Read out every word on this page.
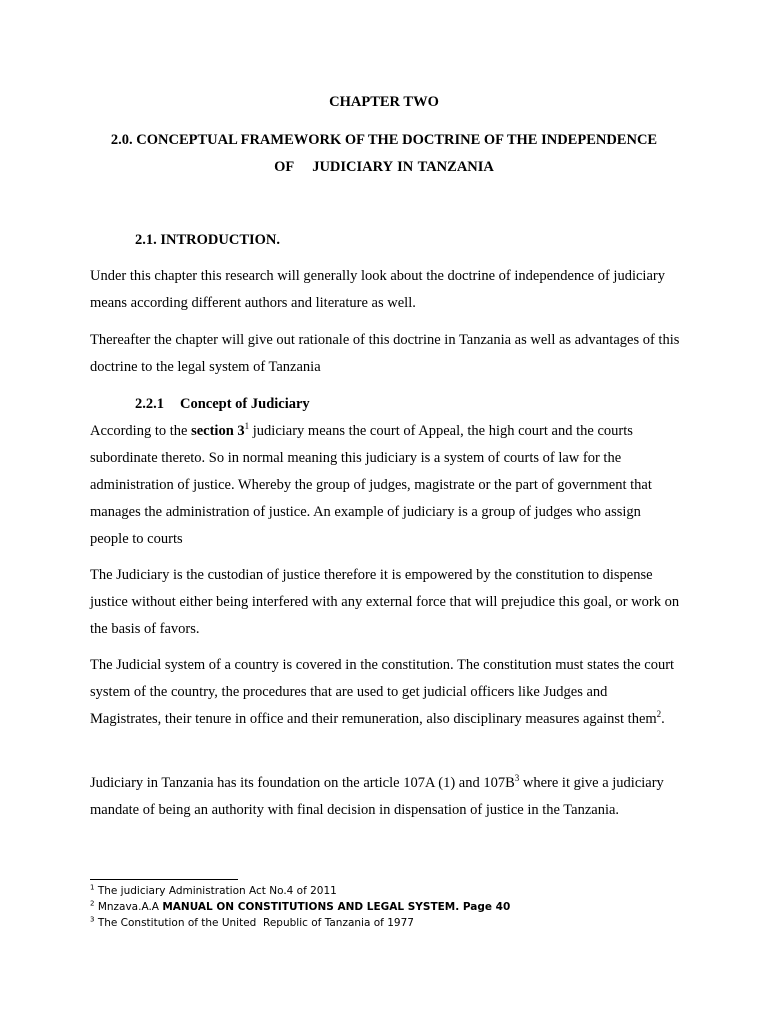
CHAPTER TWO
2.0. CONCEPTUAL FRAMEWORK OF THE DOCTRINE OF THE INDEPENDENCE
OF    JUDICIARY IN TANZANIA
2.1. INTRODUCTION.
Under this chapter this research will generally look about the doctrine of independence of judiciary means according different authors and literature as well.
Thereafter the chapter will give out rationale of this doctrine in Tanzania as well as advantages of this doctrine to the legal system of Tanzania
2.2.1 Concept of Judiciary
According to the section $3^1$ judiciary means the court of Appeal, the high court and the courts subordinate thereto. So in normal meaning this judiciary is a system of courts of law for the administration of justice. Whereby the group of judges, magistrate or the part of government that manages the administration of justice. An example of judiciary is a group of judges who assign people to courts
The Judiciary is the custodian of justice therefore it is empowered by the constitution to dispense justice without either being interfered with any external force that will prejudice this goal, or work on the basis of favors.
The Judicial system of a country is covered in the constitution. The constitution must states the court system of the country, the procedures that are used to get judicial officers like Judges and Magistrates, their tenure in office and their remuneration, also disciplinary measures against them$^2$.
Judiciary in Tanzania has its foundation on the article 107A (1) and $107B^3$ where it give a judiciary mandate of being an authority with final decision in dispensation of justice in the Tanzania.
$^1$ The judiciary Administration Act No.4 of 2011
$^2$ Mnzava.A.A MANUAL ON CONSTITUTIONS AND LEGAL SYSTEM. Page 40
$^3$ The Constitution of the United  Republic of Tanzania of 1977
